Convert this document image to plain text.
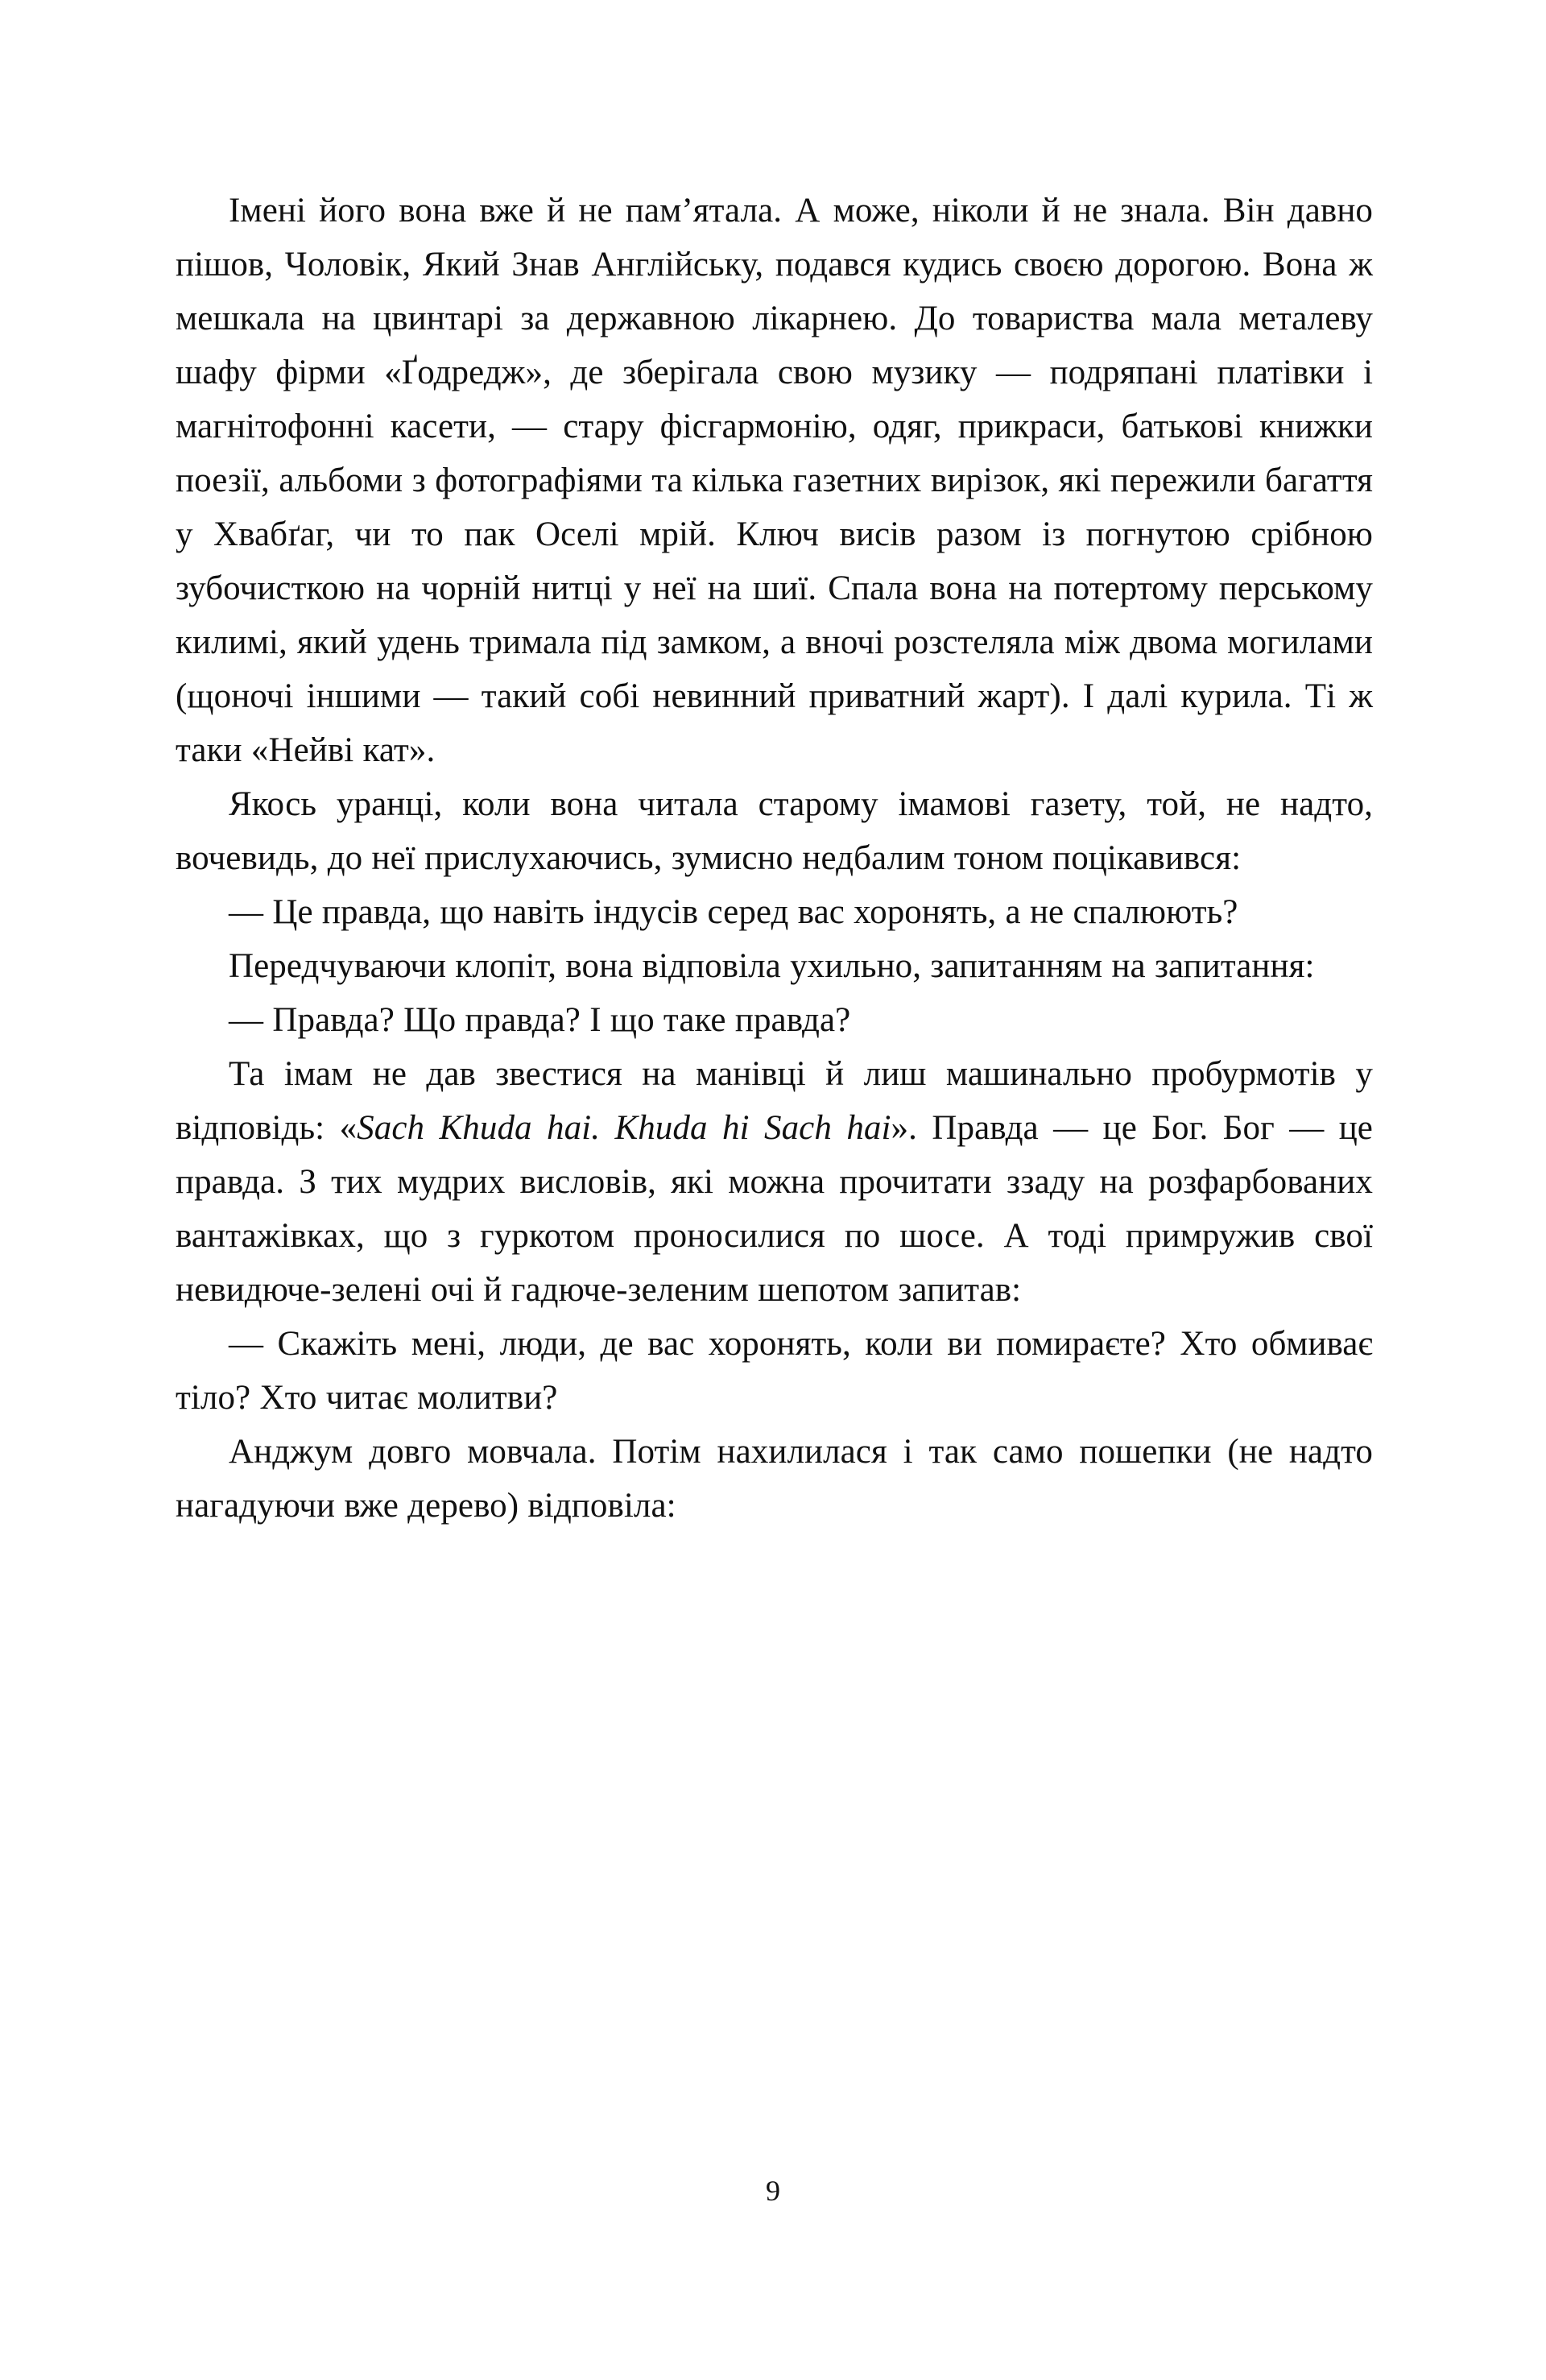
Імені його вона вже й не пам’ятала. А може, ніколи й не знала. Він давно пішов, Чоловік, Який Знав Англійську, подався кудись своєю дорогою. Вона ж мешкала на цвинтарі за державною лікарнею. До товариства мала металеву шафу фірми «Ґодредж», де зберігала свою музику — подряпані платівки і магнітофонні касети, — стару фісгармонію, одяг, прикраси, батькові книжки поезії, альбоми з фотографіями та кілька газетних вирізок, які пережили багаття у Хвабґаг, чи то пак Оселі мрій. Ключ висів разом із погнутою срібною зубочисткою на чорній нитці у неї на шиї. Спала вона на потертому перському килимі, який удень тримала під замком, а вночі розстеляла між двома могилами (щоночі іншими — такий собі невинний приватний жарт). І далі курила. Ті ж таки «Нейві кат».

Якось уранці, коли вона читала старому імамові газету, той, не надто, вочевидь, до неї прислухаючись, зумисно недбалим тоном поцікавився:

— Це правда, що навіть індусів серед вас хоронять, а не спалюють?

Передчуваючи клопіт, вона відповіла ухильно, запитанням на запитання:

— Правда? Що правда? І що таке правда?

Та імам не дав звестися на манівці й лиш машинально пробурмотів у відповідь: «Sach Khuda hai. Khuda hi Sach hai». Правда — це Бог. Бог — це правда. З тих мудрих висловів, які можна прочитати ззаду на розфарбованих вантажівках, що з гуркотом проносилися по шосе. А тоді примружив свої невидюче-зелені очі й гадюче-зеленим шепотом запитав:

— Скажіть мені, люди, де вас хоронять, коли ви помираєте? Хто обмиває тіло? Хто читає молитви?

Анджум довго мовчала. Потім нахилилася і так само пошепки (не надто нагадуючи вже дерево) відповіла:

9
